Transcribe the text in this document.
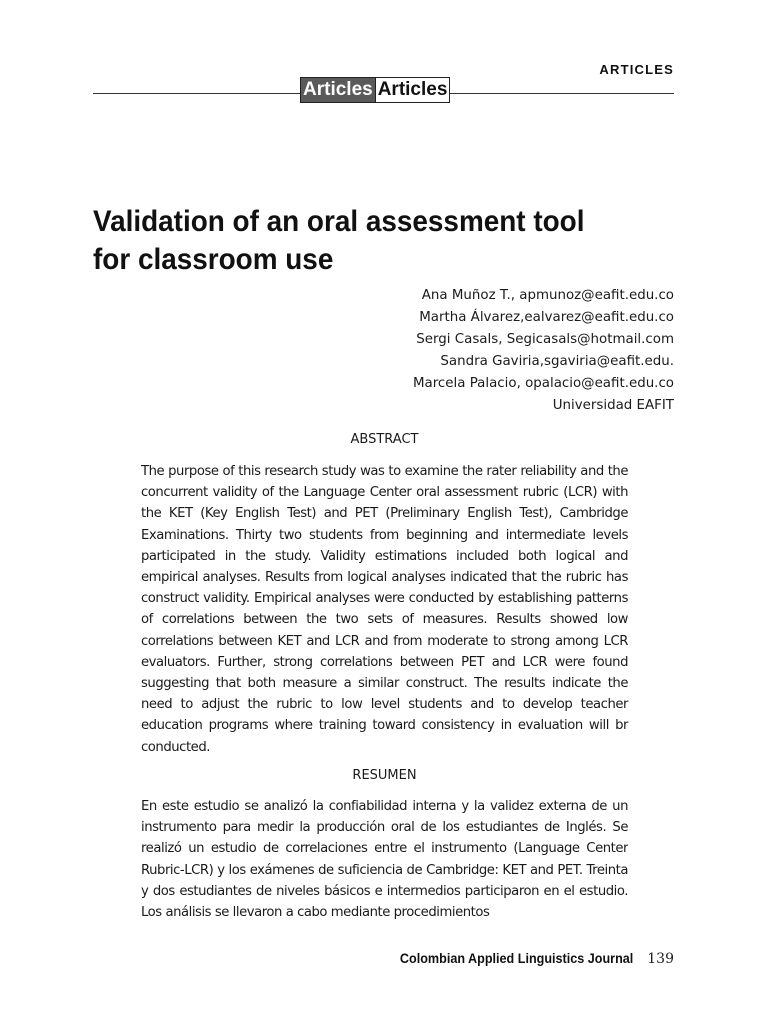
ARTICLES
Articles Articles
Validation of an oral assessment tool for classroom use
Ana Muñoz T., apmunoz@eafit.edu.co
Martha Álvarez,ealvarez@eafit.edu.co
Sergi Casals, Segicasals@hotmail.com
Sandra Gaviria,sgaviria@eafit.edu.
Marcela Palacio, opalacio@eafit.edu.co
Universidad EAFIT
ABSTRACT

The purpose of this research study was to examine the rater reliability and the concurrent validity of the Language Center oral assessment rubric (LCR) with the KET (Key English Test) and PET (Preliminary English Test), Cambridge Examinations. Thirty two students from beginning and intermediate levels participated in the study. Validity estimations included both logical and empirical analyses. Results from logical analyses indicated that the rubric has construct validity. Empirical analyses were conducted by establishing patterns of correlations between the two sets of measures. Results showed low correlations between KET and LCR and from moderate to strong among LCR evaluators. Further, strong correlations between PET and LCR were found suggesting that both measure a similar construct. The results indicate the need to adjust the rubric to low level students and to develop teacher education programs where training toward consistency in evaluation will br conducted.

RESUMEN

En este estudio se analizó la confiabilidad interna y la validez externa de un instrumento para medir la producción oral de los estudiantes de Inglés. Se realizó un estudio de correlaciones entre el instrumento (Language Center Rubric-LCR) y los exámenes de suficiencia de Cambridge: KET and PET. Treinta y dos estudiantes de niveles básicos e intermedios participaron en el estudio. Los análisis se llevaron a cabo mediante procedimientos

Colombian Applied Linguistics Journal 139
